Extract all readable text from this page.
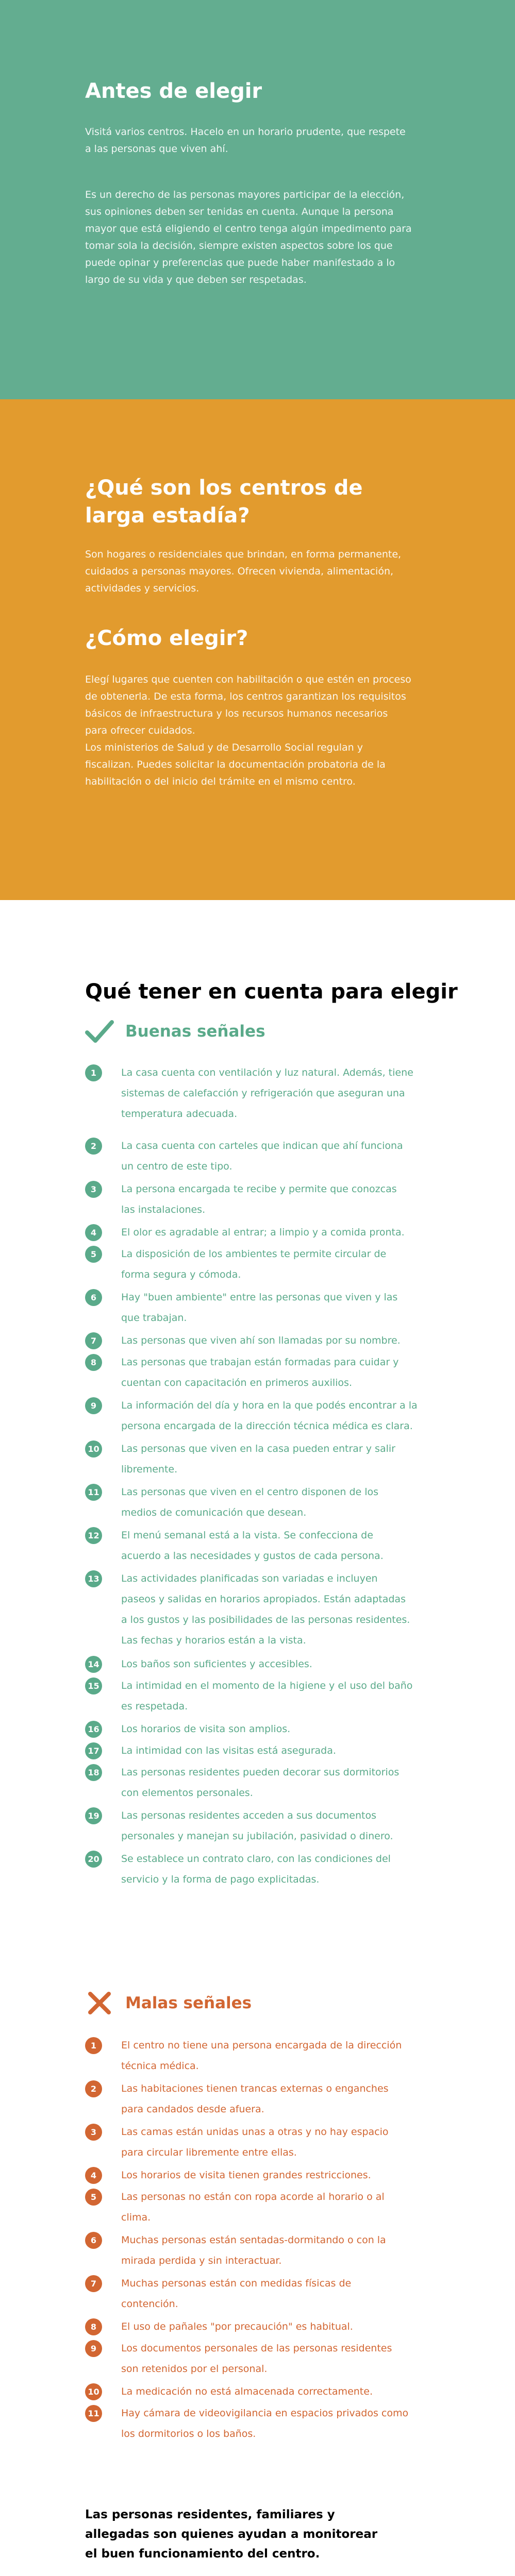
Antes de elegir

Visitá varios centros. Hacelo en un horario prudente, que respete
a las personas que viven ahí.

Es un derecho de las personas mayores participar de la elección,
sus opiniones deben ser tenidas en cuenta. Aunque la persona
mayor que está eligiendo el centro tenga algún impedimento para
tomar sola la decisión, siempre existen aspectos sobre los que
puede opinar y preferencias que puede haber manifestado a lo
largo de su vida y que deben ser respetadas.

¿Qué son los centros de larga estadía?

Son hogares o residenciales que brindan, en forma permanente,
cuidados a personas mayores. Ofrecen vivienda, alimentación,
actividades y servicios.

¿Cómo elegir?

Elegí lugares que cuenten con habilitación o que estén en proceso
de obtenerla. De esta forma, los centros garantizan los requisitos
básicos de infraestructura y los recursos humanos necesarios
para ofrecer cuidados.
Los ministerios de Salud y de Desarrollo Social regulan y
fiscalizan. Puedes solicitar la documentación probatoria de la
habilitación o del inicio del trámite en el mismo centro.

Qué tener en cuenta para elegir
Buenas señales
1	La casa cuenta con ventilación y luz natural. Además, tiene
sistemas de calefacción y refrigeración que aseguran una
temperatura adecuada.

2	La casa cuenta con carteles que indican que ahí funciona
un centro de este tipo.

3	La persona encargada te recibe y permite que conozcas
las instalaciones.

4	El olor es agradable al entrar; a limpio y a comida pronta.

5	La disposición de los ambientes te permite circular de
forma segura y cómoda.

6	Hay "buen ambiente" entre las personas que viven y las
que trabajan.

7	Las personas que viven ahí son llamadas por su nombre.

8	Las personas que trabajan están formadas para cuidar y
cuentan con capacitación en primeros auxilios.

9	La información del día y hora en la que podés encontrar a la
persona encargada de la dirección técnica médica es clara.

10 Las personas que viven en la casa pueden entrar y salir
libremente.

11 Las personas que viven en el centro disponen de los
medios de comunicación que desean.

12 El menú semanal está a la vista. Se confecciona de
acuerdo a las necesidades y gustos de cada persona.

13 Las actividades planificadas son variadas e incluyen
paseos y salidas en horarios apropiados. Están adaptadas
a los gustos y las posibilidades de las personas residentes.
Las fechas y horarios están a la vista.

14 Los baños son suficientes y accesibles.

15 La intimidad en el momento de la higiene y el uso del baño
es respetada.

16 Los horarios de visita son amplios.

17 La intimidad con las visitas está asegurada.

18 Las personas residentes pueden decorar sus dormitorios
con elementos personales.

19 Las personas residentes acceden a sus documentos
personales y manejan su jubilación, pasividad o dinero.

20 Se establece un contrato claro, con las condiciones del
servicio y la forma de pago explicitadas.

Malas señales
1	El centro no tiene una persona encargada de la dirección
técnica médica.

2	Las habitaciones tienen trancas externas o enganches
para candados desde afuera.

3	Las camas están unidas unas a otras y no hay espacio
para circular libremente entre ellas.

4	Los horarios de visita tienen grandes restricciones.

5	Las personas no están con ropa acorde al horario o al
clima.

6	Muchas personas están sentadas-dormitando o con la
mirada perdida y sin interactuar.

7	Muchas personas están con medidas físicas de
contención.

8	El uso de pañales "por precaución" es habitual.

9	Los documentos personales de las personas residentes
son retenidos por el personal.

10 La medicación no está almacenada correctamente.

11 Hay cámara de videovigilancia en espacios privados como
los dormitorios o los baños.

Las personas residentes, familiares y
allegadas son quienes ayudan a monitorear
el buen funcionamiento del centro.
